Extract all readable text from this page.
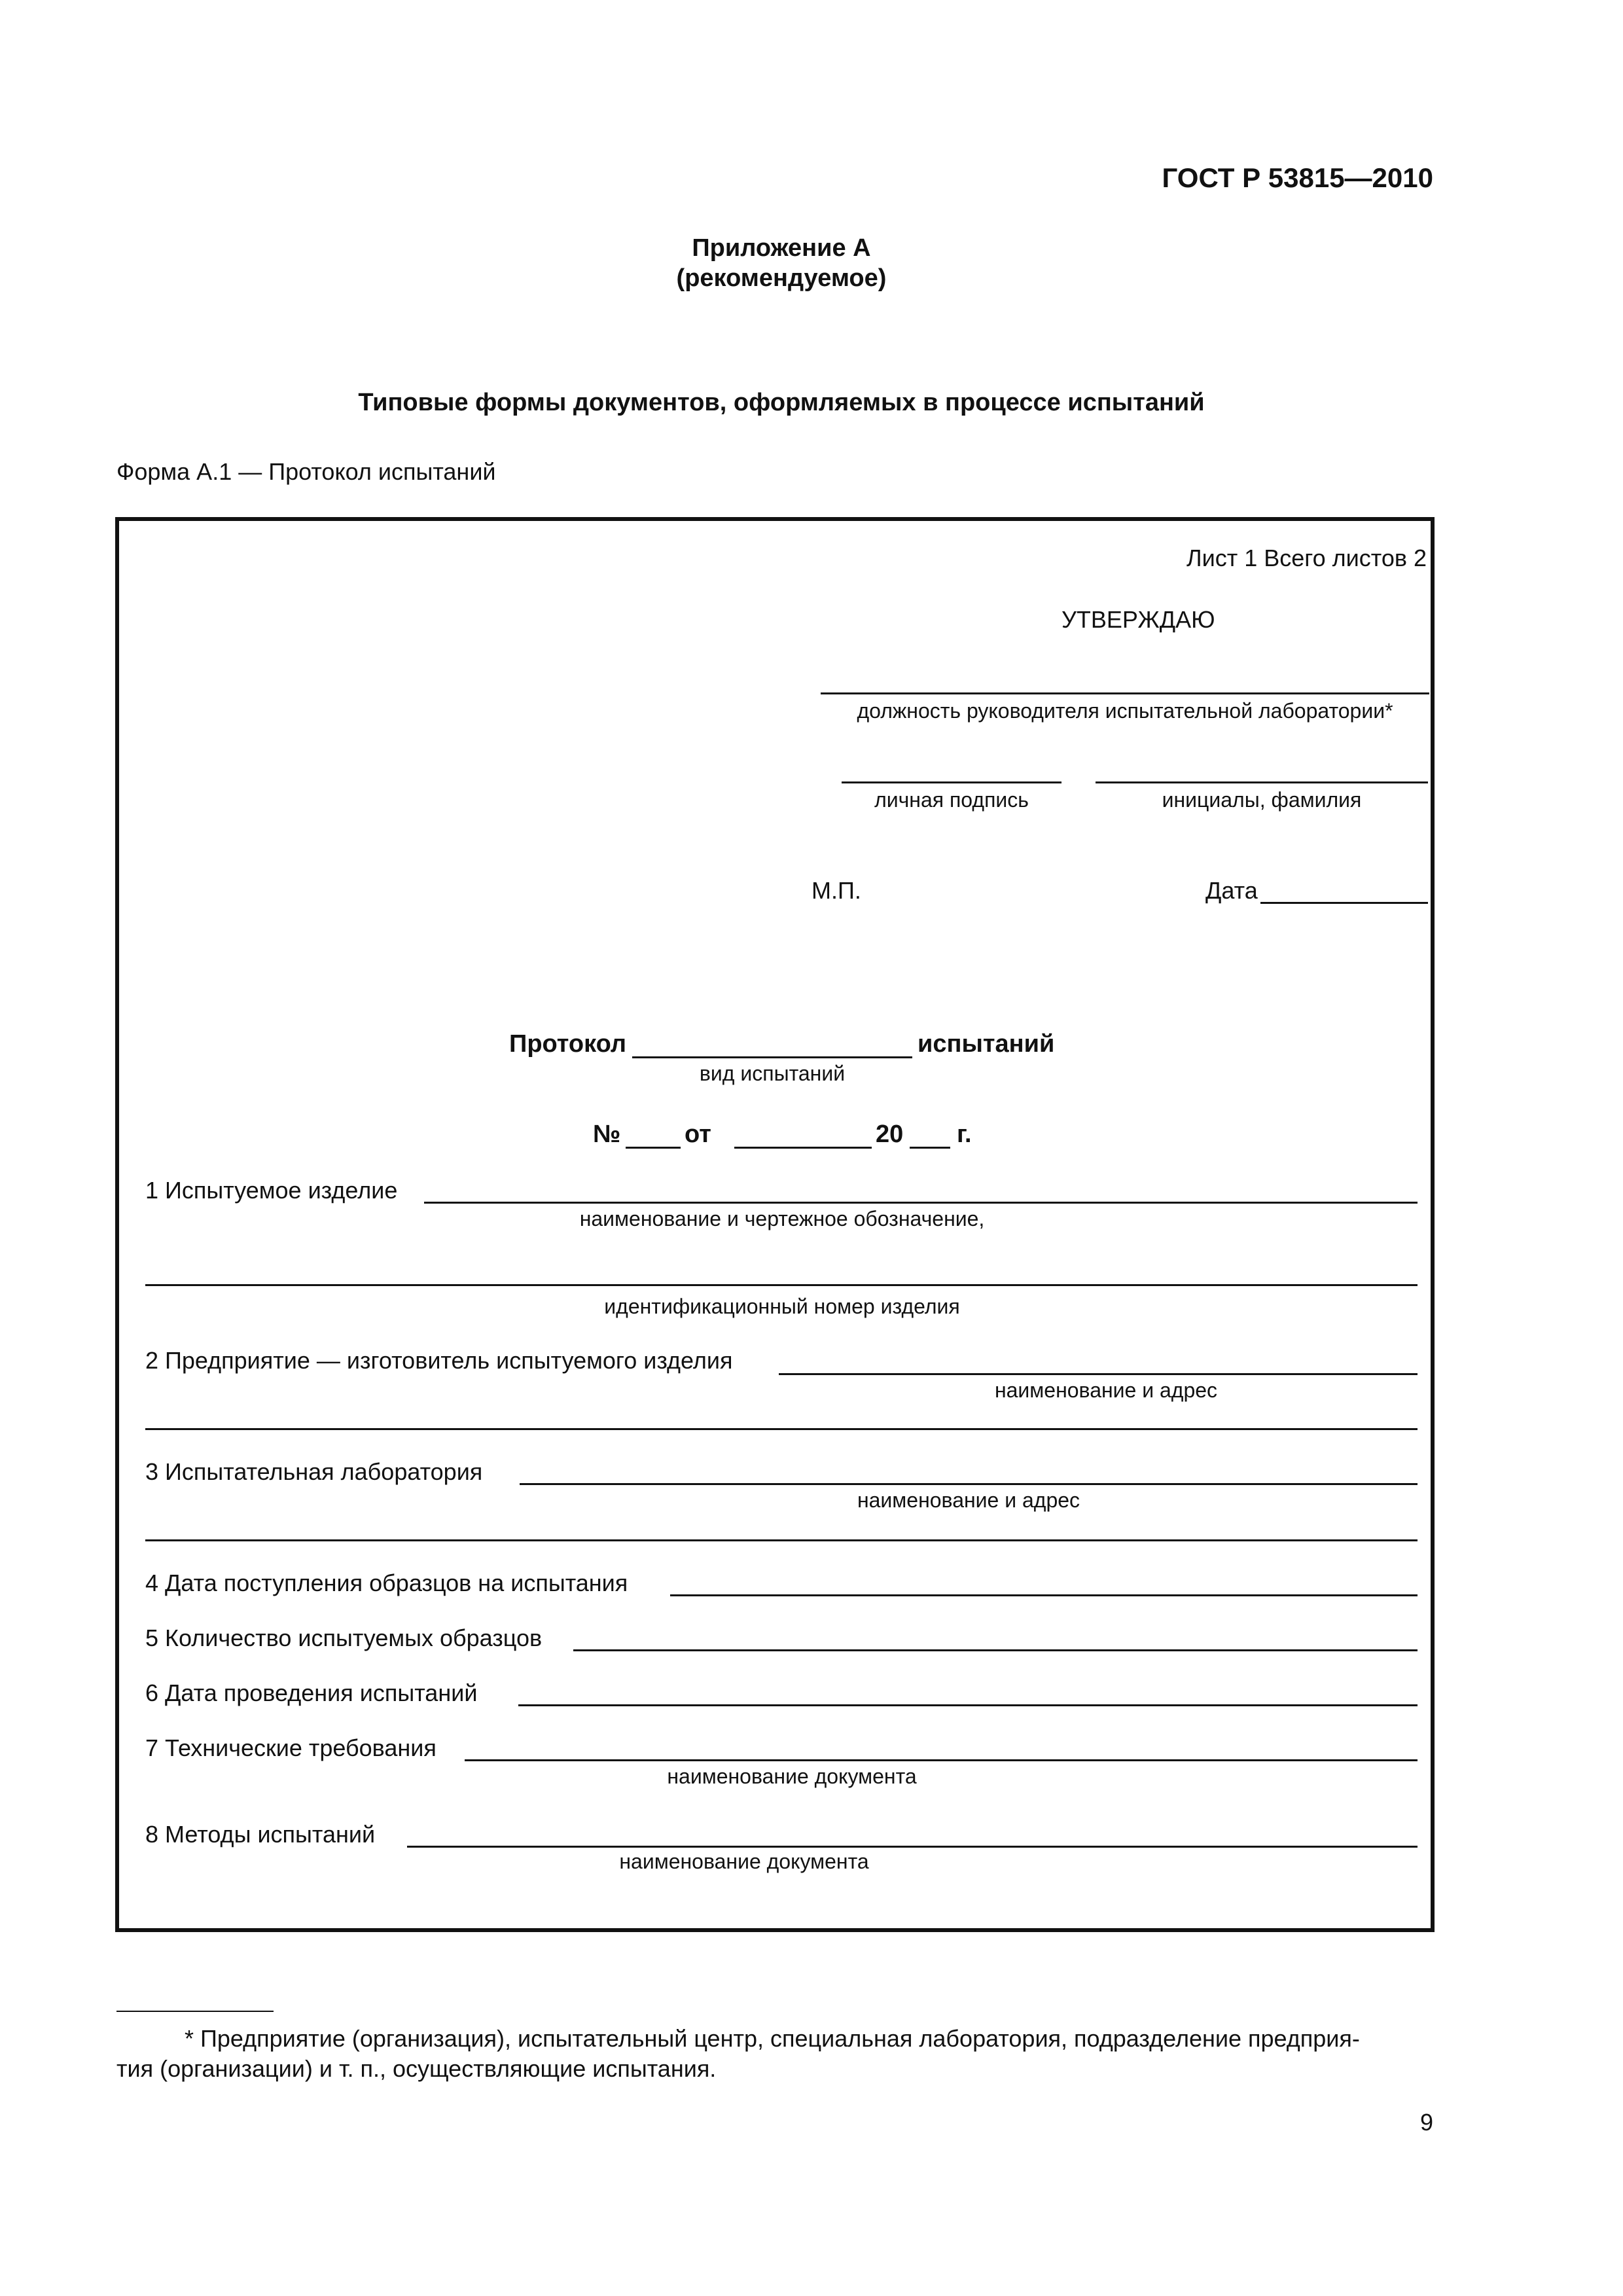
ГОСТ Р 53815—2010
Приложение А
(рекомендуемое)
Типовые формы документов, оформляемых в процессе испытаний
Форма А.1 — Протокол испытаний
Лист 1 Всего листов 2
УТВЕРЖДАЮ
должность руководителя испытательной лаборатории*
личная подпись	инициалы, фамилия
М.П.	Дата
Протокол	испытаний
вид испытаний
№	от	20 г.
1 Испытуемое изделие
наименование и чертежное обозначение,
идентификационный номер изделия
2 Предприятие — изготовитель испытуемого изделия
наименование и адрес
3 Испытательная лаборатория
наименование и адрес
4 Дата поступления образцов на испытания
5 Количество испытуемых образцов
6 Дата проведения испытаний
7 Технические требования
наименование документа
8 Методы испытаний
наименование документа
* Предприятие (организация), испытательный центр, специальная лаборатория, подразделение предприя-
тия (организации) и т. п., осуществляющие испытания.
9
